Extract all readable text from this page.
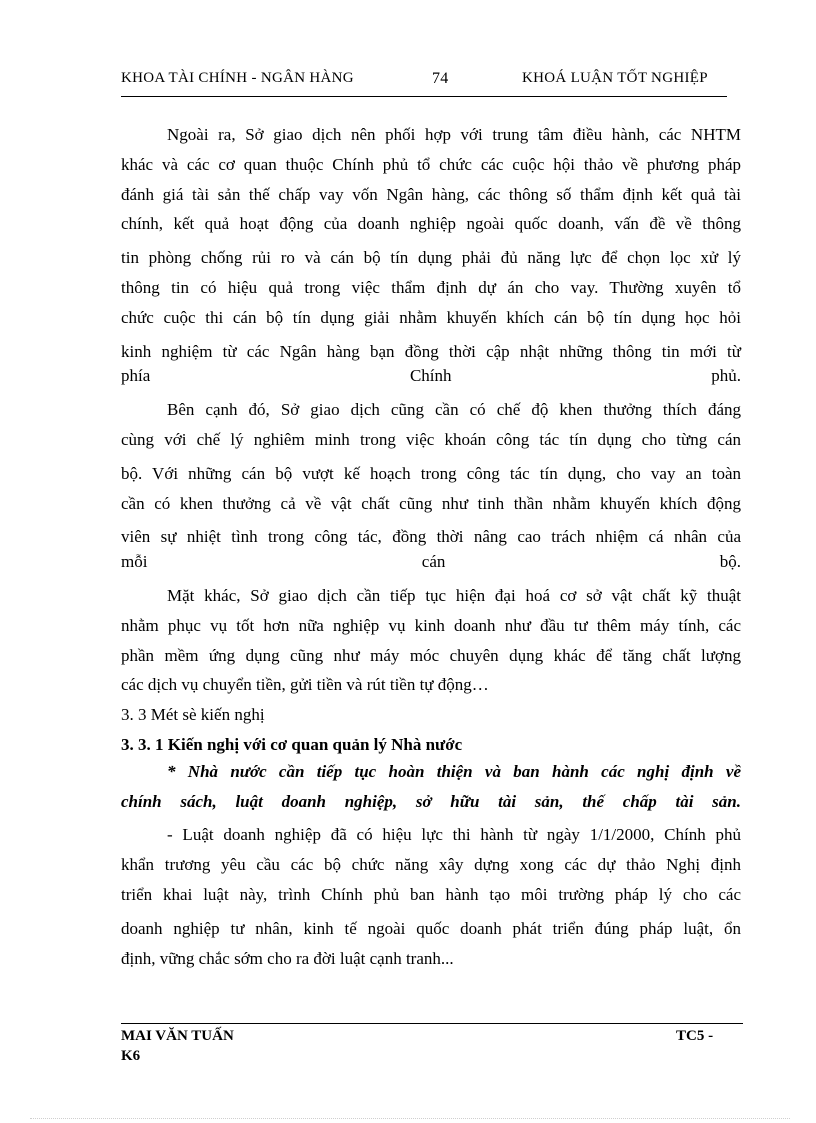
KHOA TÀI CHÍNH - NGÂN HÀNG	74	KHOÁ LUẬN TỐT NGHIỆP

Ngoài ra, Sở giao dịch nên phối hợp với trung tâm điều hành, các NHTM

khác và các cơ quan thuộc Chính phủ tổ chức các cuộc hội thảo về phương pháp

đánh giá tài sản thế chấp vay vốn Ngân hàng, các thông số thẩm định kết quả tài

chính, kết quả hoạt động của doanh nghiệp ngoài quốc doanh, vấn đề về thông

tin phòng chống rủi ro và cán bộ tín dụng phải đủ năng lực để chọn lọc xử lý

thông tin có hiệu quả trong việc thẩm định dự án cho vay. Thường xuyên tổ

chức cuộc thi cán bộ tín dụng giải nhằm khuyến khích cán bộ tín dụng học hỏi

kinh nghiệm từ các Ngân hàng bạn đồng thời cập nhật những thông tin mới từ

phía Chính phủ.

Bên cạnh đó, Sở giao dịch cũng cần có chế độ khen thưởng thích đáng

cùng với chế lý nghiêm minh trong việc khoán công tác tín dụng cho từng cán

bộ. Với những cán bộ vượt kế hoạch trong công tác tín dụng, cho vay an toàn

cần có khen thưởng cả về vật chất cũng như tinh thần nhằm khuyến khích động

viên sự nhiệt tình trong công tác, đồng thời nâng cao trách nhiệm cá nhân của

mỗi cán bộ.

Mặt khác, Sở giao dịch cần tiếp tục hiện đại hoá cơ sở vật chất kỹ thuật

nhằm phục vụ tốt hơn nữa nghiệp vụ kinh doanh như đầu tư thêm máy tính, các

phần mềm ứng dụng cũng như máy móc chuyên dụng khác để tăng chất lượng

các dịch vụ chuyển tiền, gửi tiền và rút tiền tự động…

3. 3 Mét sè kiến nghị

3. 3. 1 Kiến nghị với cơ quan quản lý Nhà nước

* Nhà nước cần tiếp tục hoàn thiện và ban hành các nghị định về

chính sách, luật doanh nghiệp, sở hữu tài sản, thế chấp tài sản.

- Luật doanh nghiệp đã có hiệu lực thi hành từ ngày 1/1/2000, Chính phủ

khẩn trương yêu cầu các bộ chức năng xây dựng xong các dự thảo Nghị định

triển khai luật này, trình Chính phủ ban hành tạo môi trường pháp lý cho các

doanh nghiệp tư nhân, kinh tế ngoài quốc doanh phát triển đúng pháp luật, ổn

định, vững chắc sớm cho ra đời luật cạnh tranh...

MAI VĂN TUẤN	TC5 -
K6
